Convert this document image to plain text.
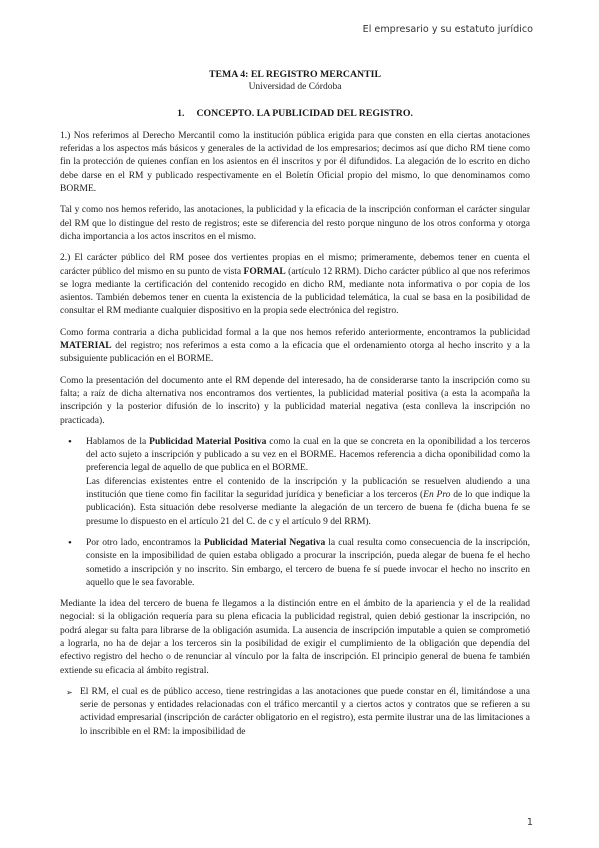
El empresario y su estatuto jurídico

TEMA 4: EL REGISTRO MERCANTIL

Universidad de Córdoba

1. CONCEPTO. LA PUBLICIDAD DEL REGISTRO.

1.) Nos referimos al Derecho Mercantil como la institución pública erigida para que consten en ella ciertas anotaciones referidas a los aspectos más básicos y generales de la actividad de los empresarios; decimos así que dicho RM tiene como fin la protección de quienes confían en los asientos en él inscritos y por él difundidos. La alegación de lo escrito en dicho debe darse en el RM y publicado respectivamente en el Boletín Oficial propio del mismo, lo que denominamos como BORME.

Tal y como nos hemos referido, las anotaciones, la publicidad y la eficacia de la inscripción conforman el carácter singular del RM que lo distingue del resto de registros; este se diferencia del resto porque ninguno de los otros conforma y otorga dicha importancia a los actos inscritos en el mismo.

2.) El carácter público del RM posee dos vertientes propias en el mismo; primeramente, debemos tener en cuenta el carácter público del mismo en su punto de vista FORMAL (artículo 12 RRM). Dicho carácter público al que nos referimos se logra mediante la certificación del contenido recogido en dicho RM, mediante nota informativa o por copia de los asientos. También debemos tener en cuenta la existencia de la publicidad telemática, la cual se basa en la posibilidad de consultar el RM mediante cualquier dispositivo en la propia sede electrónica del registro.

Como forma contraria a dicha publicidad formal a la que nos hemos referido anteriormente, encontramos la publicidad MATERIAL del registro; nos referimos a esta como a la eficacia que el ordenamiento otorga al hecho inscrito y a la subsiguiente publicación en el BORME.

Como la presentación del documento ante el RM depende del interesado, ha de considerarse tanto la inscripción como su falta; a raíz de dicha alternativa nos encontramos dos vertientes, la publicidad material positiva (a esta la acompaña la inscripción y la posterior difusión de lo inscrito) y la publicidad material negativa (esta conlleva la inscripción no practicada).

• Hablamos de la Publicidad Material Positiva como la cual en la que se concreta en la oponibilidad a los terceros del acto sujeto a inscripción y publicado a su vez en el BORME. Hacemos referencia a dicha oponibilidad como la preferencia legal de aquello de que publica en el BORME.
Las diferencias existentes entre el contenido de la inscripción y la publicación se resuelven aludiendo a una institución que tiene como fin facilitar la seguridad jurídica y beneficiar a los terceros (En Pro de lo que indique la publicación). Esta situación debe resolverse mediante la alegación de un tercero de buena fe (dicha buena fe se presume lo dispuesto en el artículo 21 del C. de c y el artículo 9 del RRM).
• Por otro lado, encontramos la Publicidad Material Negativa la cual resulta como consecuencia de la inscripción, consiste en la imposibilidad de quien estaba obligado a procurar la inscripción, pueda alegar de buena fe el hecho sometido a inscripción y no inscrito. Sin embargo, el tercero de buena fe sí puede invocar el hecho no inscrito en aquello que le sea favorable.

Mediante la idea del tercero de buena fe llegamos a la distinción entre en el ámbito de la apariencia y el de la realidad negocial: si la obligación requería para su plena eficacia la publicidad registral, quien debió gestionar la inscripción, no podrá alegar su falta para librarse de la obligación asumida. La ausencia de inscripción imputable a quien se comprometió a lograrla, no ha de dejar a los terceros sin la posibilidad de exigir el cumplimiento de la obligación que dependía del efectivo registro del hecho o de renunciar al vínculo por la falta de inscripción. El principio general de buena fe también extiende su eficacia al ámbito registral.

➢ El RM, el cual es de público acceso, tiene restringidas a las anotaciones que puede constar en él, limitándose a una serie de personas y entidades relacionadas con el tráfico mercantil y a ciertos actos y contratos que se refieren a su actividad empresarial (inscripción de carácter obligatorio en el registro), esta permite ilustrar una de las limitaciones a lo inscribible en el RM: la imposibilidad de
1
